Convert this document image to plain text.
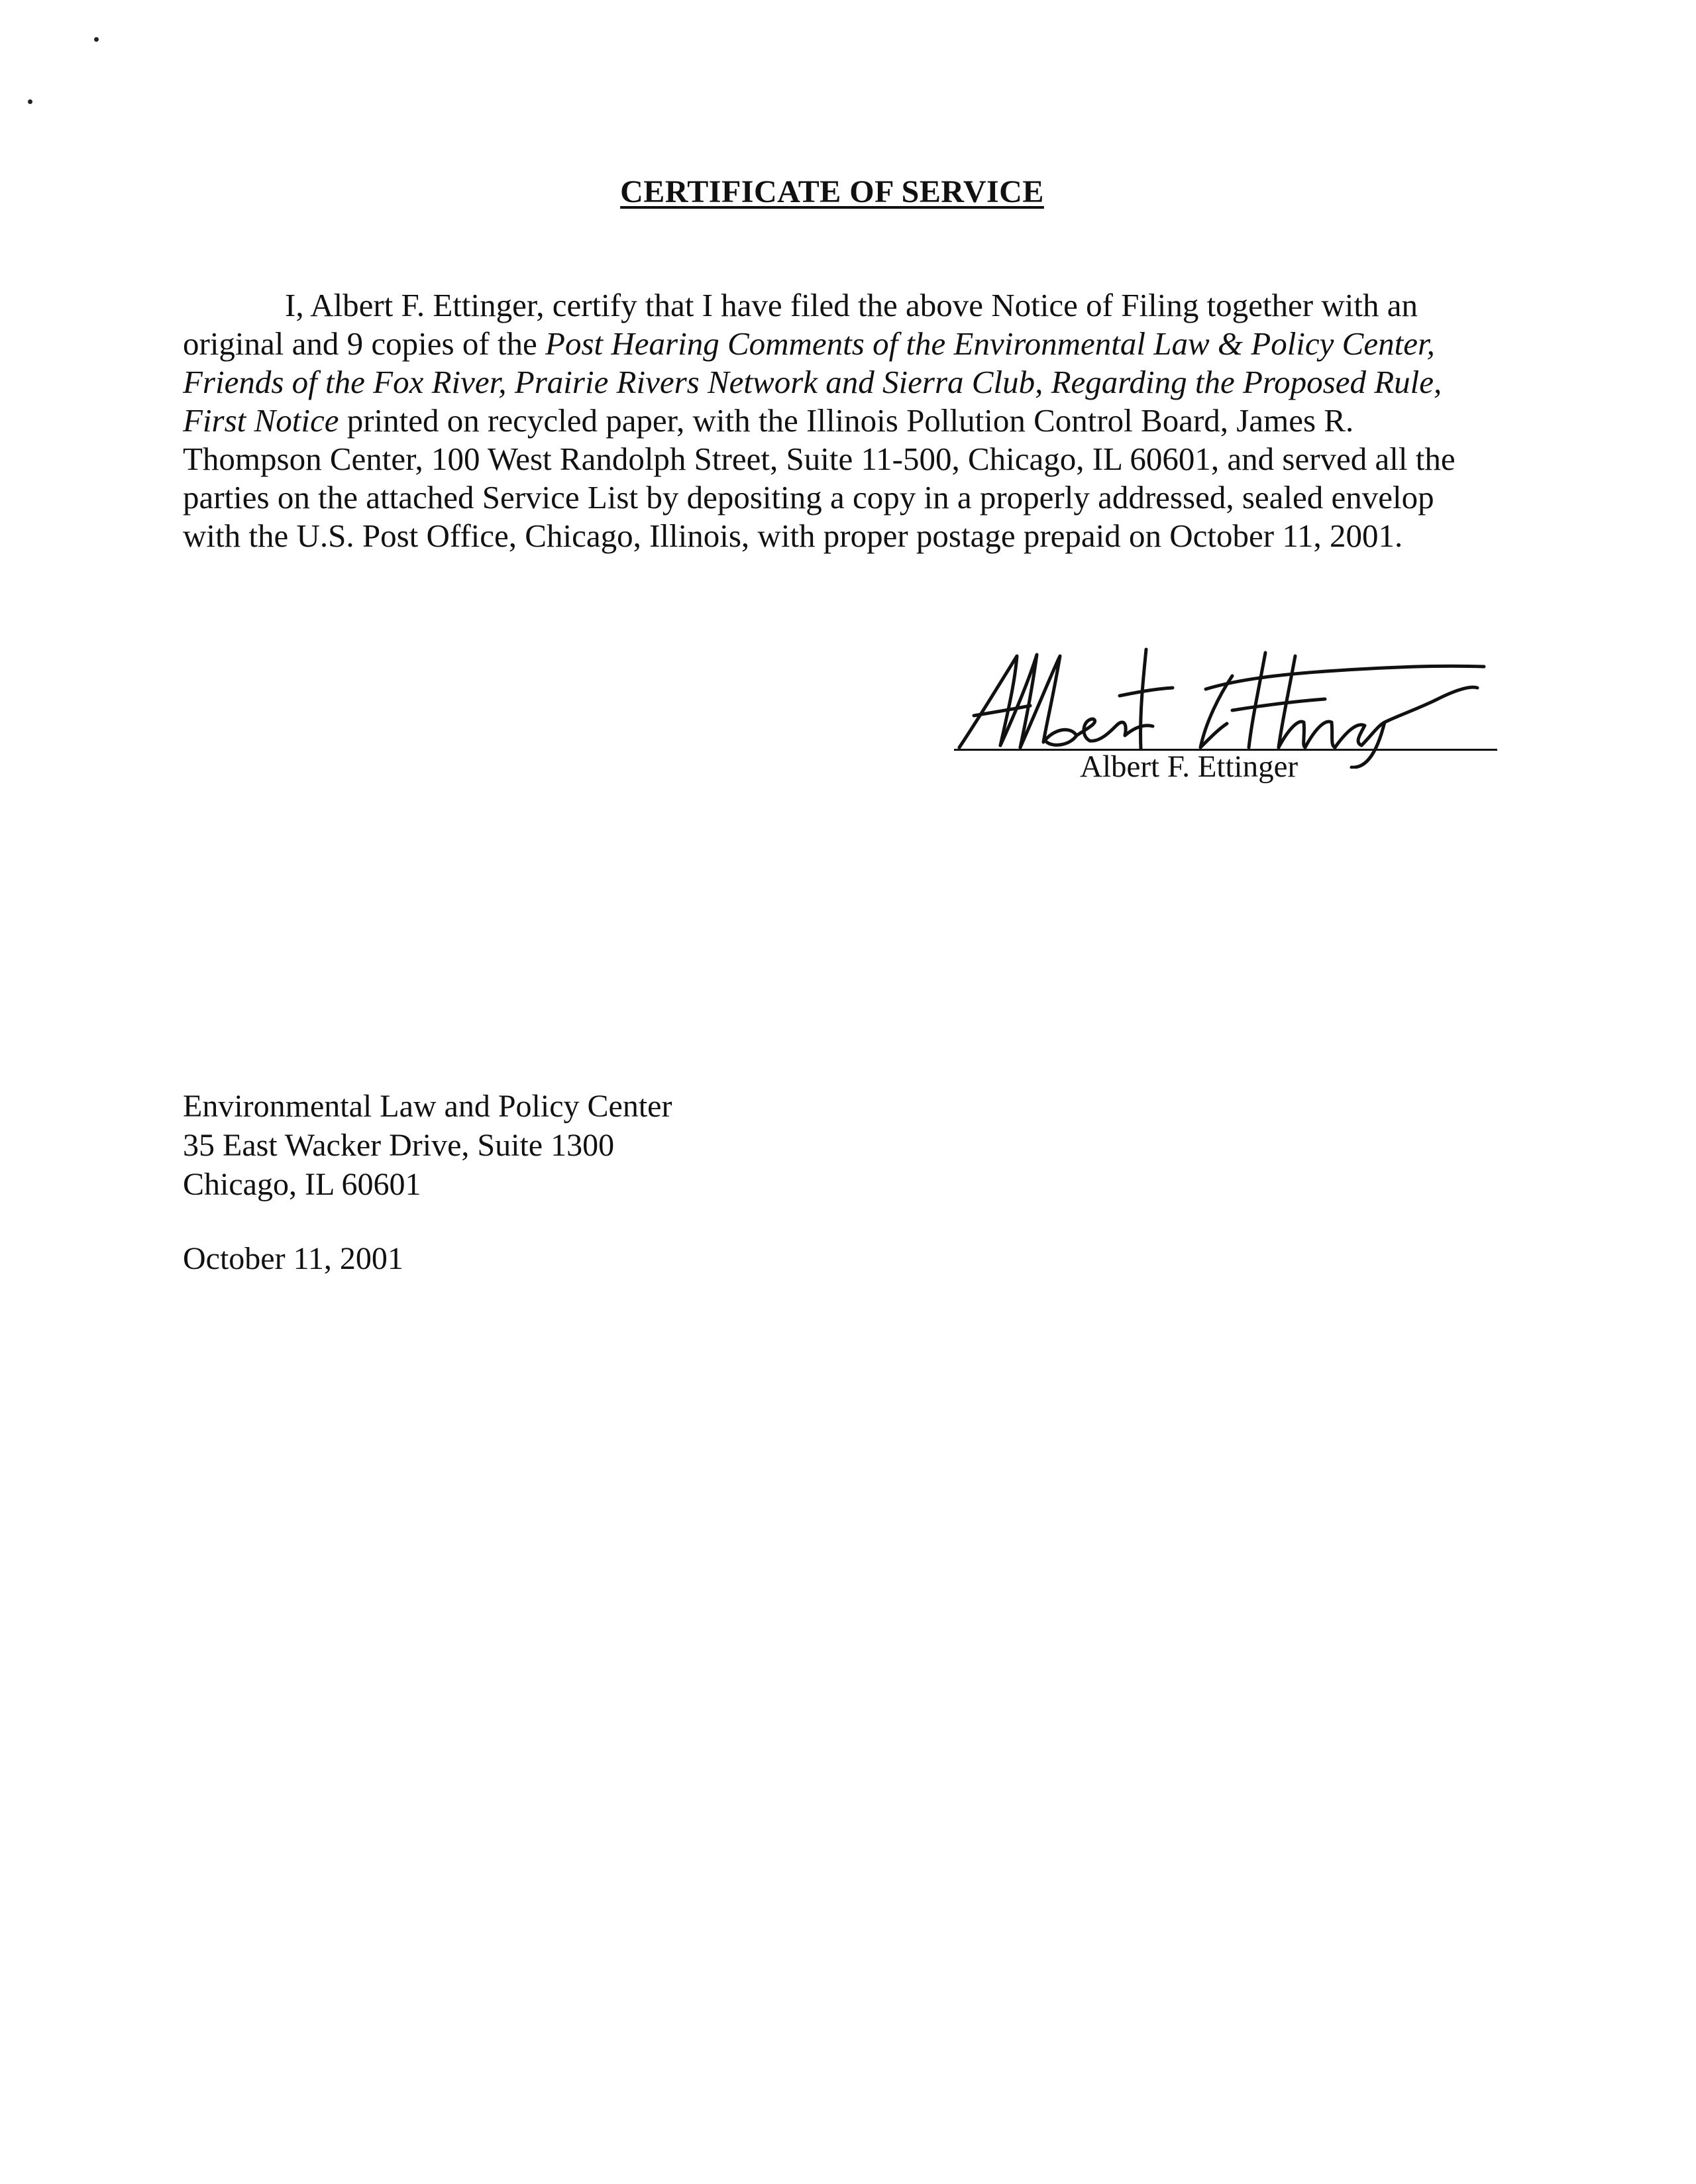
CERTIFICATE OF SERVICE

I, Albert F. Ettinger, certify that I have filed the above Notice of Filing together with an original and 9 copies of the Post Hearing Comments of the Environmental Law & Policy Center, Friends of the Fox River, Prairie Rivers Network and Sierra Club, Regarding the Proposed Rule, First Notice printed on recycled paper, with the Illinois Pollution Control Board, James R. Thompson Center, 100 West Randolph Street, Suite 11-500, Chicago, IL 60601, and served all the parties on the attached Service List by depositing a copy in a properly addressed, sealed envelop with the U.S. Post Office, Chicago, Illinois, with proper postage prepaid on October 11, 2001.

Albert F. Ettinger
Environmental Law and Policy Center
35 East Wacker Drive, Suite 1300
Chicago, IL 60601
October 11, 2001
